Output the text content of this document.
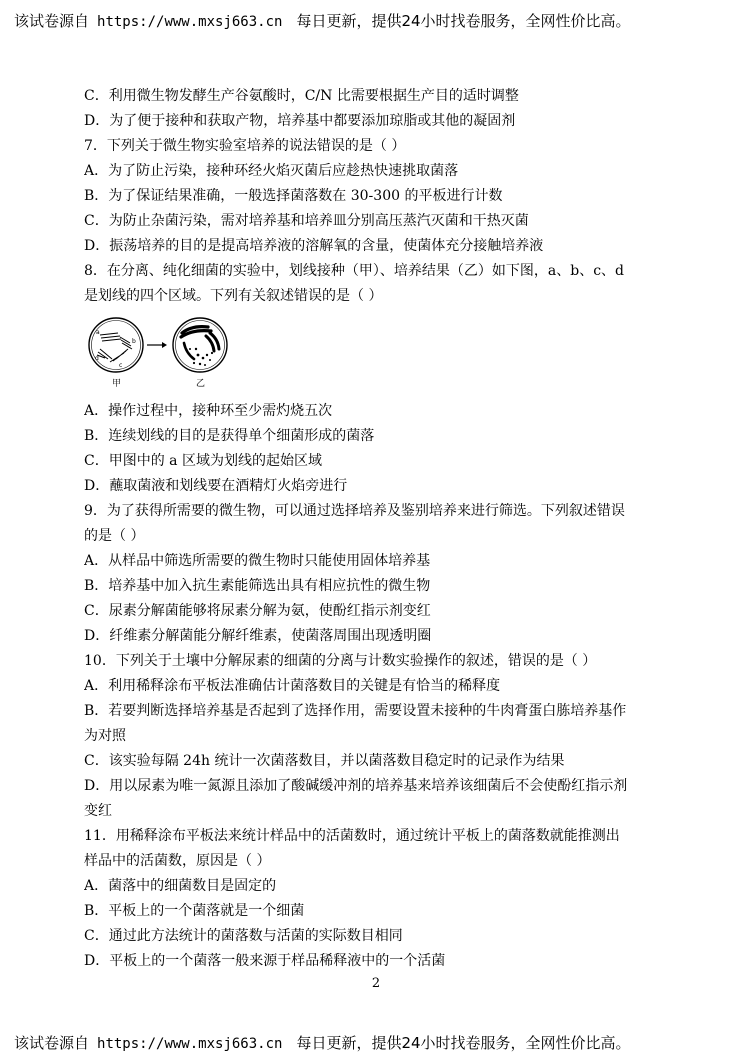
该试卷源自 https://www.mxsj663.cn 每日更新，提供24小时找卷服务，全网性价比高。
C．利用微生物发酵生产谷氨酸时，C/N 比需要根据生产目的适时调整
D．为了便于接种和获取产物，培养基中都要添加琼脂或其他的凝固剂
7．下列关于微生物实验室培养的说法错误的是（ ）
A．为了防止污染，接种环经火焰灭菌后应趁热快速挑取菌落
B．为了保证结果准确，一般选择菌落数在 30-300 的平板进行计数
C．为防止杂菌污染，需对培养基和培养皿分别高压蒸汽灭菌和干热灭菌
D．振荡培养的目的是提高培养液的溶解氧的含量，使菌体充分接触培养液
8．在分离、纯化细菌的实验中，划线接种（甲）、培养结果（乙）如下图，a、b、c、d
是划线的四个区域。下列有关叙述错误的是（ ）
a
b
c
d
甲	乙
A．操作过程中，接种环至少需灼烧五次
B．连续划线的目的是获得单个细菌形成的菌落
C．甲图中的 a 区域为划线的起始区域
D．蘸取菌液和划线要在酒精灯火焰旁进行
9．为了获得所需要的微生物，可以通过选择培养及鉴别培养来进行筛选。下列叙述错误
的是（ ）
A．从样品中筛选所需要的微生物时只能使用固体培养基
B．培养基中加入抗生素能筛选出具有相应抗性的微生物
C．尿素分解菌能够将尿素分解为氨，使酚红指示剂变红
D．纤维素分解菌能分解纤维素，使菌落周围出现透明圈
10．下列关于土壤中分解尿素的细菌的分离与计数实验操作的叙述，错误的是（ ）
A．利用稀释涂布平板法准确估计菌落数目的关键是有恰当的稀释度
B．若要判断选择培养基是否起到了选择作用，需要设置未接种的牛肉膏蛋白胨培养基作
为对照
C．该实验每隔 24h 统计一次菌落数目，并以菌落数目稳定时的记录作为结果
D．用以尿素为唯一氮源且添加了酸碱缓冲剂的培养基来培养该细菌后不会使酚红指示剂
变红
11．用稀释涂布平板法来统计样品中的活菌数时，通过统计平板上的菌落数就能推测出
样品中的活菌数，原因是（ ）
A．菌落中的细菌数目是固定的
B．平板上的一个菌落就是一个细菌
C．通过此方法统计的菌落数与活菌的实际数目相同
D．平板上的一个菌落一般来源于样品稀释液中的一个活菌
2
该试卷源自 https://www.mxsj663.cn 每日更新，提供24小时找卷服务，全网性价比高。
